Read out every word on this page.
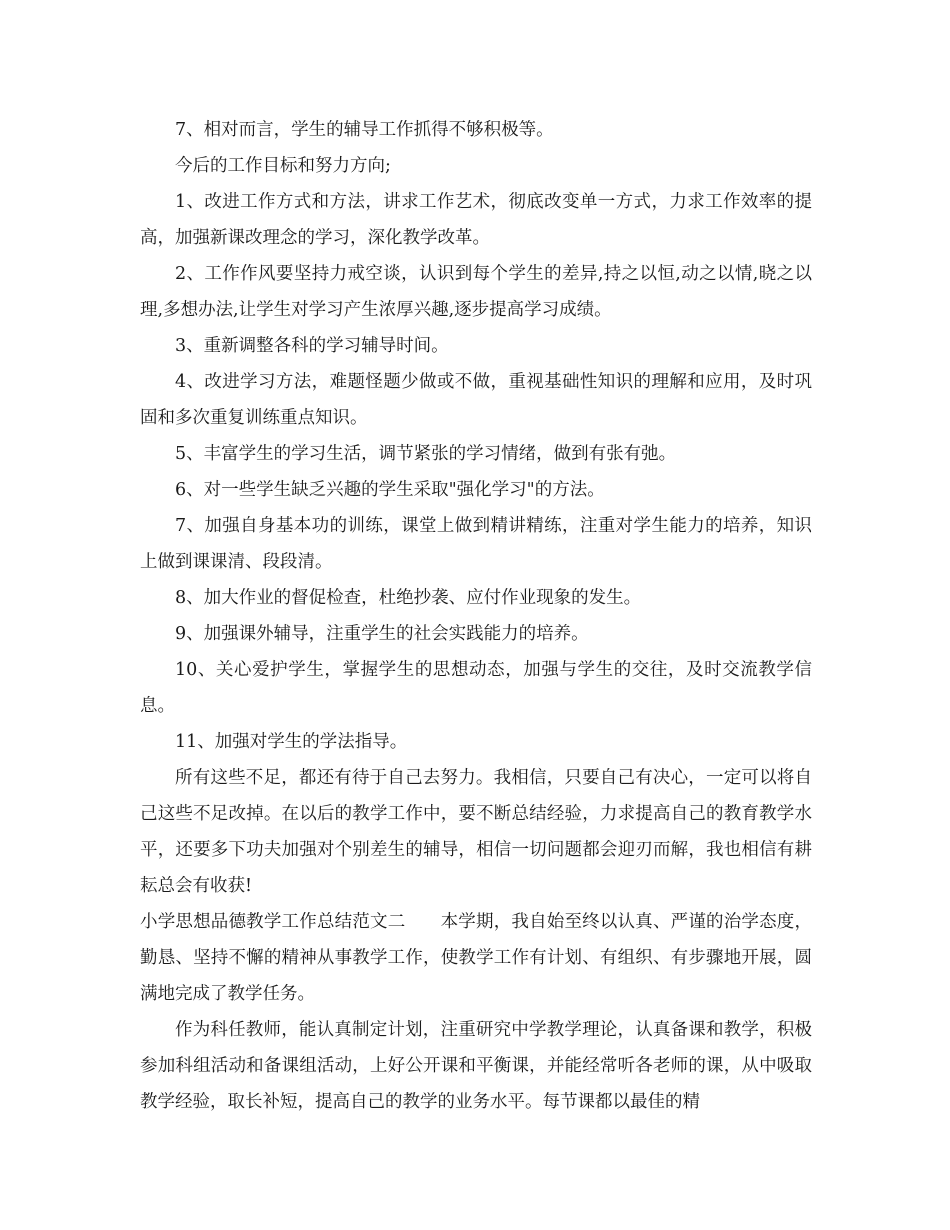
7、相对而言，学生的辅导工作抓得不够积极等。

今后的工作目标和努力方向;

1、改进工作方式和方法，讲求工作艺术，彻底改变单一方式，力求工作效率的提高，加强新课改理念的学习，深化教学改革。

2、工作作风要坚持力戒空谈，认识到每个学生的差异,持之以恒,动之以情,晓之以理,多想办法,让学生对学习产生浓厚兴趣,逐步提高学习成绩。

3、重新调整各科的学习辅导时间。

4、改进学习方法，难题怪题少做或不做，重视基础性知识的理解和应用，及时巩固和多次重复训练重点知识。

5、丰富学生的学习生活，调节紧张的学习情绪，做到有张有弛。

6、对一些学生缺乏兴趣的学生采取"强化学习"的方法。

7、加强自身基本功的训练，课堂上做到精讲精练，注重对学生能力的培养，知识上做到课课清、段段清。

8、加大作业的督促检查，杜绝抄袭、应付作业现象的发生。

9、加强课外辅导，注重学生的社会实践能力的培养。

10、关心爱护学生，掌握学生的思想动态，加强与学生的交往，及时交流教学信息。

11、加强对学生的学法指导。

所有这些不足，都还有待于自己去努力。我相信，只要自己有决心，一定可以将自己这些不足改掉。在以后的教学工作中，要不断总结经验，力求提高自己的教育教学水平，还要多下功夫加强对个别差生的辅导，相信一切问题都会迎刃而解，我也相信有耕耘总会有收获!

小学思想品德教学工作总结范文二 本学期，我自始至终以认真、严谨的治学态度，勤恳、坚持不懈的精神从事教学工作，使教学工作有计划、有组织、有步骤地开展，圆满地完成了教学任务。

作为科任教师，能认真制定计划，注重研究中学教学理论，认真备课和教学，积极参加科组活动和备课组活动，上好公开课和平衡课，并能经常听各老师的课，从中吸取教学经验，取长补短，提高自己的教学的业务水平。每节课都以最佳的精
